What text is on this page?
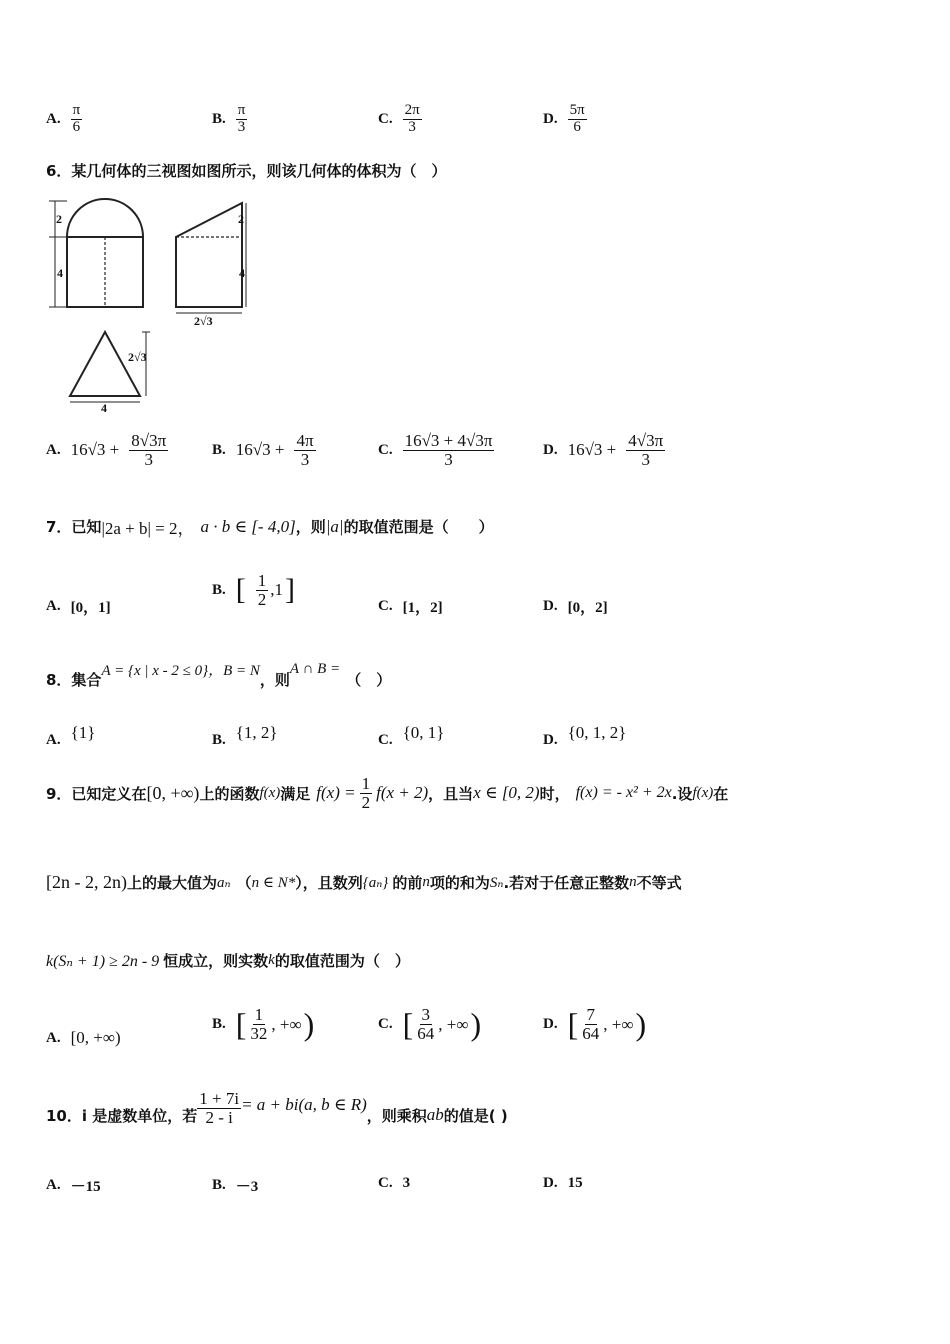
A. $\frac{\pi}{6}$	B. $\frac{\pi}{3}$	C. $\frac{2\pi}{3}$	D. $\frac{5\pi}{6}$
6．某几何体的三视图如图所示，则该几何体的体积为（　）
2
4
2
4
2√3
2√3
4
A. $16√3 + \frac{8√3\pi}{3}$	B. $16√3 + \frac{4\pi}{3}$	C. $\frac{16√3 + 4√3\pi}{3}$	D. $16√3 + \frac{4√3\pi}{3}$
7．已知 |2a + b| = 2， a · b ∈ [- 4,0] ，则 |a| 的取值范围是（　　）
A. [0，1]
B. [ $\frac{1}{2} ,1$ ]	C. [1，2]	D. [0，2]
8．集合 A = {x | x - 2 ≤ 0}，B = N ，则
A ∩ B =
（　）
A. {1}	B. {1, 2}	C. {0, 1}	D. {0, 1, 2}
9．已知定义在 [0, +∞) 上的函数 f(x) 满足 $f(x) = \frac{1}{2} f(x + 2)$ ，且当 x ∈ [0, 2) 时， f(x) = - x² + 2x .设 f(x) 在
[2n - 2, 2n) 上的最大值为 aₙ （ n ∈ N* ），且数列 {aₙ} 的前 n 项的和为 Sₙ .若对于任意正整数 n 不等式
k(Sₙ + 1) ≥ 2n - 9 恒成立，则实数 k 的取值范围为（　）
A. [0, +∞)
B. [ $\frac{1}{32}$ , +∞ )	C. [ $\frac{3}{64}$ , +∞ )	D. [ $\frac{7}{64}$ , +∞ )
10．i 是虚数单位，若 $\frac{1 + 7i}{2 - i} = a + bi(a$, b ∈ R)
，则乘积 ab 的值是( )
A. －15	B. －3	C. 3	D. 15
